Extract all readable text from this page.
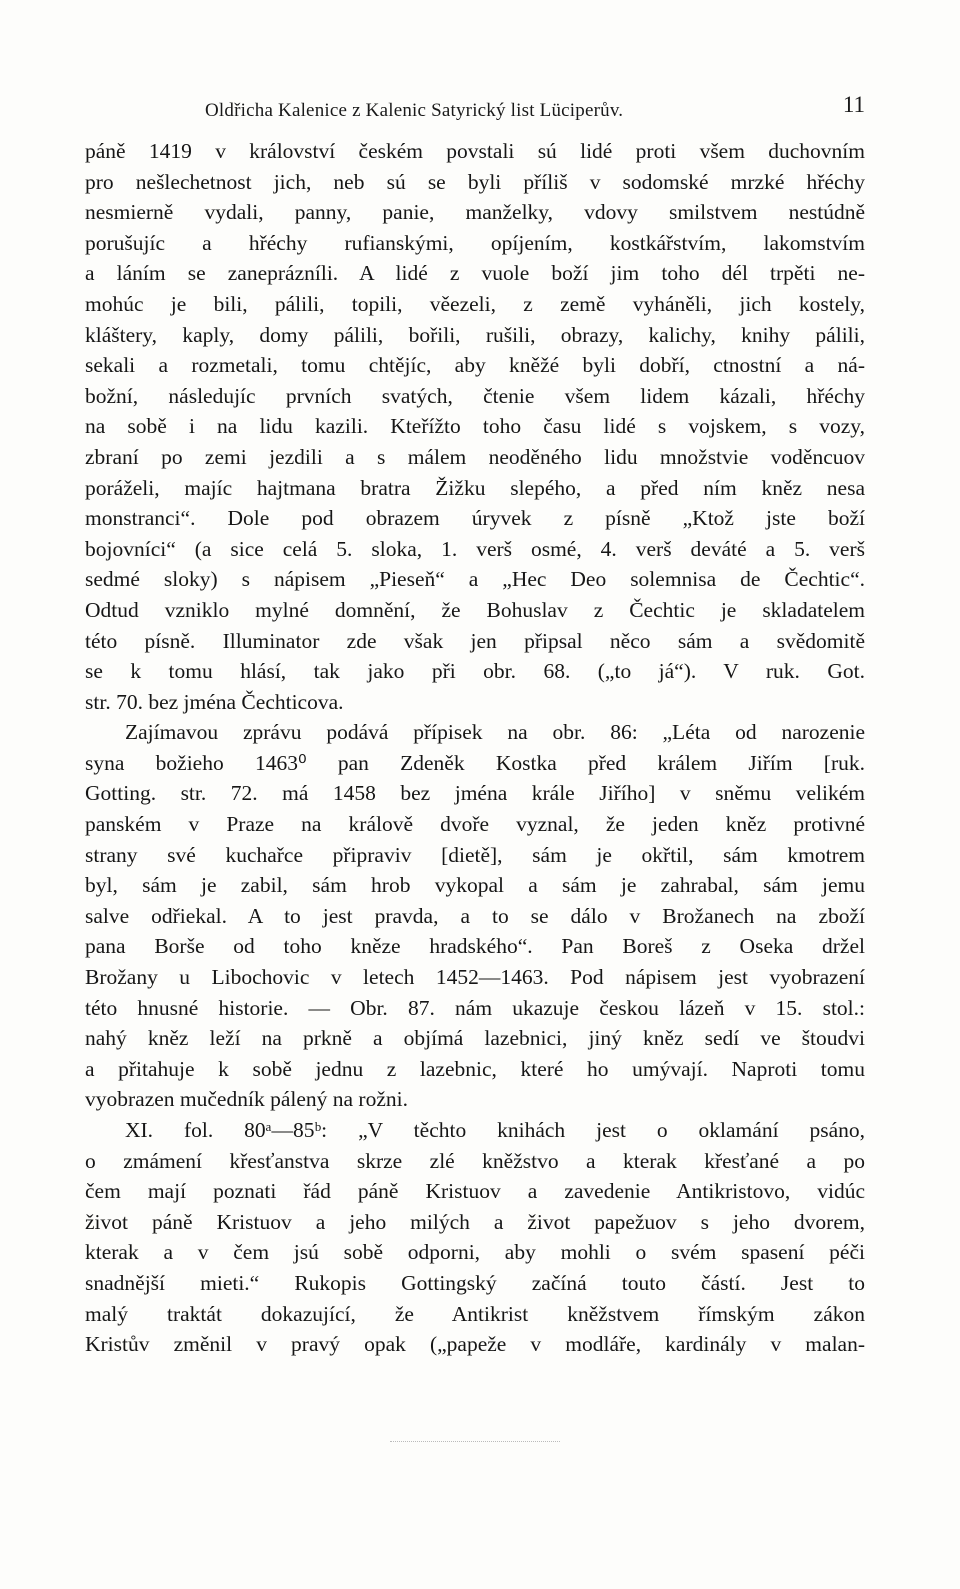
Oldřicha Kalenice z Kalenic Satyrický list Lüciperův.	11
páně 1419 v království českém povstali sú lidé proti všem duchovním
pro nešlechetnost jich, neb sú se byli příliš v sodomské mrzké hřéchy
nesmierně vydali, panny, panie, manželky, vdovy smilstvem nestúdně
porušujíc a hřéchy rufianskými, opíjením, kostkářstvím, lakomstvím
a láním se zaneprázníli. A lidé z vuole boží jim toho dél trpěti ne-
mohúc je bili, pálili, topili, věezeli, z země vyháněli, jich kostely,
kláštery, kaply, domy pálili, bořili, rušili, obrazy, kalichy, knihy pálili,
sekali a rozmetali, tomu chtějíc, aby kněžé byli dobří, ctnostní a ná-
božní, následujíc prvních svatých, čtenie všem lidem kázali, hřéchy
na sobě i na lidu kazili. Kteřížto toho času lidé s vojskem, s vozy,
zbraní po zemi jezdili a s málem neoděného lidu množstvie voděncuov
poráželi, majíc hajtmana bratra Žižku slepého, a před ním kněz nesa
monstranci“. Dole pod obrazem úryvek z písně „Ktož jste boží
bojovníci“ (a sice celá 5. sloka, 1. verš osmé, 4. verš deváté a 5. verš
sedmé sloky) s nápisem „Pieseň“ a „Hec Deo solemnisa de Čechtic“.
Odtud vzniklo mylné domnění, že Bohuslav z Čechtic je skladatelem
této písně. Illuminator zde však jen připsal něco sám a svědomitě
se k tomu hlásí, tak jako při obr. 68. („to já“). V ruk. Got.
str. 70. bez jména Čechticova.
Zajímavou zprávu podává přípisek na obr. 86: „Léta od narozenie
syna božieho 1463⁰ pan Zdeněk Kostka před králem Jiřím [ruk.
Gotting. str. 72. má 1458 bez jména krále Jiřího] v sněmu velikém
panském v Praze na králově dvoře vyznal, že jeden kněz protivné
strany své kuchařce připraviv [dietě], sám je okřtil, sám kmotrem
byl, sám je zabil, sám hrob vykopal a sám je zahrabal, sám jemu
salve odřiekal. A to jest pravda, a to se dálo v Brožanech na zboží
pana Borše od toho kněze hradského“. Pan Boreš z Oseka držel
Brožany u Libochovic v letech 1452—1463. Pod nápisem jest vyobrazení
této hnusné historie. — Obr. 87. nám ukazuje českou lázeň v 15. stol.:
nahý kněz leží na prkně a objímá lazebnici, jiný kněz sedí ve štoudvi
a přitahuje k sobě jednu z lazebnic, které ho umývají. Naproti tomu
vyobrazen mučedník pálený na rožni.
XI. fol. 80ᵃ—85ᵇ: „V těchto knihách jest o oklamání psáno,
o zmámení křesťanstva skrze zlé kněžstvo a kterak křesťané a po
čem mají poznati řád páně Kristuov a zavedenie Antikristovo, vidúc
život páně Kristuov a jeho milých a život papežuov s jeho dvorem,
kterak a v čem jsú sobě odporni, aby mohli o svém spasení péči
snadnější mieti.“ Rukopis Gottingský začíná touto částí. Jest to
malý traktát dokazující, že Antikrist kněžstvem římským zákon
Kristův změnil v pravý opak („papeže v modláře, kardinály v malan-
